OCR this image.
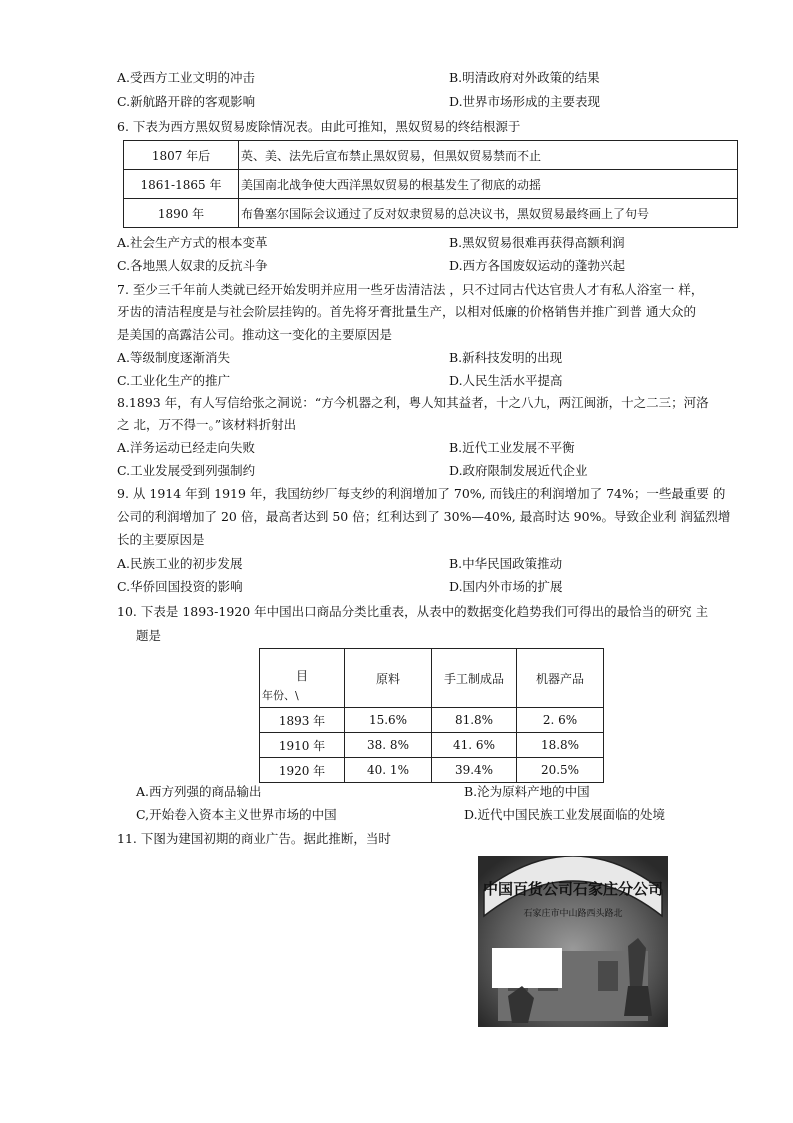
A.受西方工业文明的冲击	B.明清政府对外政策的结果
C.新航路开辟的客观影响	D.世界市场形成的主要表现
6. 下表为西方黑奴贸易废除情况表。由此可推知，黑奴贸易的终结根源于
1807 年后	英、美、法先后宣布禁止黑奴贸易，但黑奴贸易禁而不止
1861-1865 年	美国南北战争使大西洋黑奴贸易的根基发生了彻底的动摇
1890 年	布鲁塞尔国际会议通过了反对奴隶贸易的总决议书，黑奴贸易最终画上了句号
A.社会生产方式的根本变革	B.黑奴贸易很难再获得高额利润
C.各地黑人奴隶的反抗斗争	D.西方各国废奴运动的蓬勃兴起
7. 至少三千年前人类就已经开始发明并应用一些牙齿清洁法 ，只不过同古代达官贵人才有私人浴室一 样，
牙齿的清洁程度是与社会阶层挂钩的。首先将牙膏批量生产，以相对低廉的价格销售并推广到普 通大众的
是美国的高露洁公司。推动这一变化的主要原因是
A.等级制度逐渐消失	B.新科技发明的出现
C.工业化生产的推广	D.人民生活水平提高
8.1893 年，有人写信给张之洞说：“方今机器之利，粤人知其益者，十之八九，两江闽浙，十之二三；河洛
之 北，万不得一。”该材料折射出
A.洋务运动已经走向失败	B.近代工业发展不平衡
C.工业发展受到列强制约	D.政府限制发展近代企业
9. 从 1914 年到 1919 年，我国纺纱厂每支纱的利润增加了 70%, 而钱庄的利润增加了 74%；一些最重要 的
公司的利润增加了 20 倍，最高者达到 50 倍；红利达到了 30%—40%, 最高时达 90%。导致企业利 润猛烈增
长的主要原因是
A.民族工业的初步发展	B.中华民国政策推动
C.华侨回国投资的影响	D.国内外市场的扩展
10. 下表是 1893-1920 年中国出口商品分类比重表，从表中的数据变化趋势我们可得出的最恰当的研究 主
题是
目
年份、\	原料	手工制成品	机器产品
1893 年	15.6%	81.8%	2. 6%
1910 年	38. 8%	41. 6%	18.8%
1920 年	40. 1%	39.4%	20.5%
A.西方列强的商品输出	B.沦为原料产地的中国
C,开始卷入资本主义世界市场的中国	D.近代中国民族工业发展面临的处境
11. 下图为建国初期的商业广告。据此推断，当时
中国百货公司石家庄分公司
石家庄市中山路西头路北
